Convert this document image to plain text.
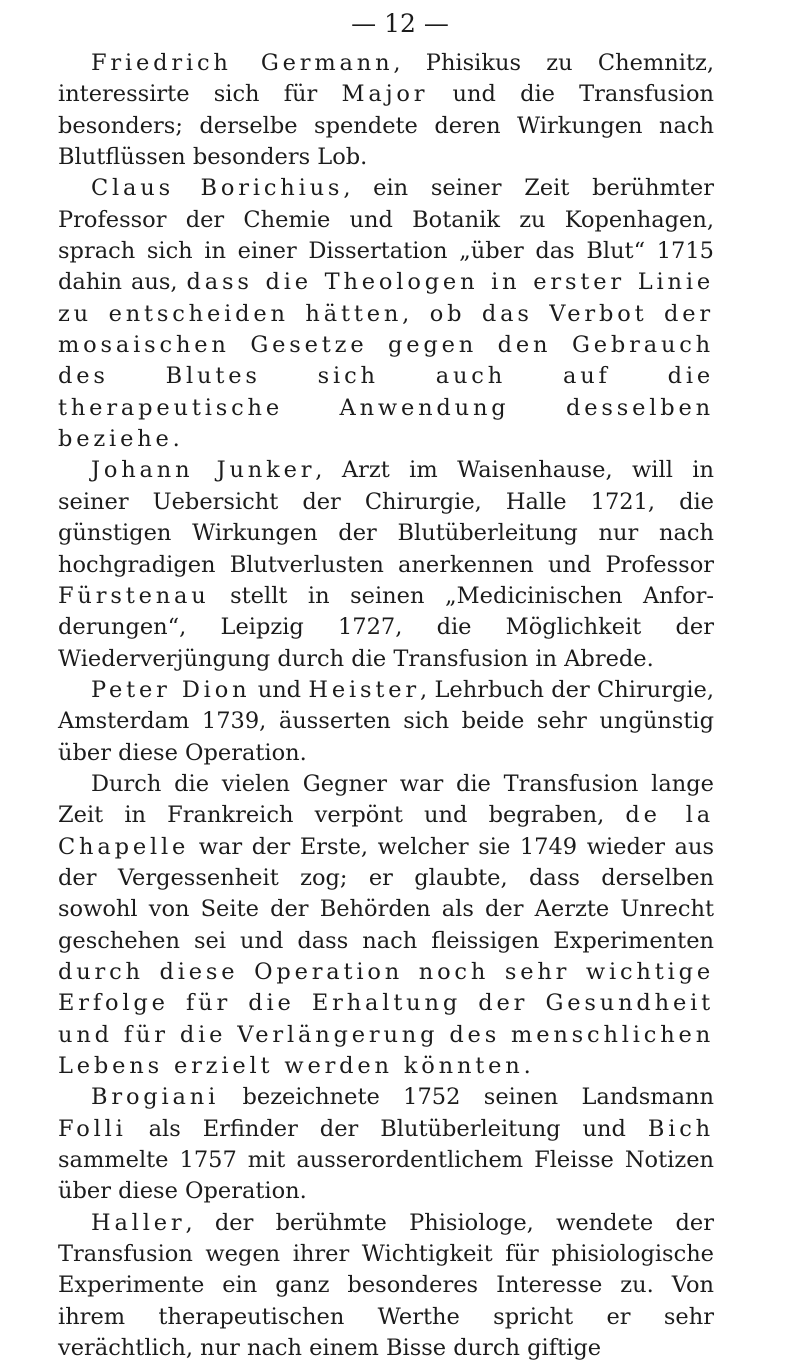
— 12 —

Friedrich Germann, Phisikus zu Chemnitz, interessirte sich für Major und die Transfusion besonders; derselbe spendete deren Wirkungen nach Blutflüssen besonders Lob.

Claus Borichius, ein seiner Zeit berühmter Professor der Chemie und Botanik zu Kopenhagen, sprach sich in einer Dissertation „über das Blut“ 1715 dahin aus, dass die Theologen in erster Linie zu entscheiden hätten, ob das Verbot der mosaischen Gesetze gegen den Gebrauch des Blutes sich auch auf die therapeutische Anwendung desselben beziehe.

Johann Junker, Arzt im Waisenhause, will in seiner Uebersicht der Chirurgie, Halle 1721, die günstigen Wirkungen der Blutüberleitung nur nach hochgradigen Blutverlusten anerkennen und Professor Fürstenau stellt in seinen „Medicinischen Anforderungen“, Leipzig 1727, die Möglichkeit der Wiederverjüngung durch die Transfusion in Abrede.

Peter Dion und Heister, Lehrbuch der Chirurgie, Amsterdam 1739, äusserten sich beide sehr ungünstig über diese Operation.

Durch die vielen Gegner war die Transfusion lange Zeit in Frankreich verpönt und begraben, de la Chapelle war der Erste, welcher sie 1749 wieder aus der Vergessenheit zog; er glaubte, dass derselben sowohl von Seite der Behörden als der Aerzte Unrecht geschehen sei und dass nach fleissigen Experimenten durch diese Operation noch sehr wichtige Erfolge für die Erhaltung der Gesundheit und für die Verlängerung des menschlichen Lebens erzielt werden könnten.

Brogiani bezeichnete 1752 seinen Landsmann Folli als Erfinder der Blutüberleitung und Bich sammelte 1757 mit ausserordentlichem Fleisse Notizen über diese Operation.

Haller, der berühmte Phisiologe, wendete der Transfusion wegen ihrer Wichtigkeit für phisiologische Experimente ein ganz besonderes Interesse zu. Von ihrem therapeutischen Werthe spricht er sehr verächtlich, nur nach einem Bisse durch giftige
